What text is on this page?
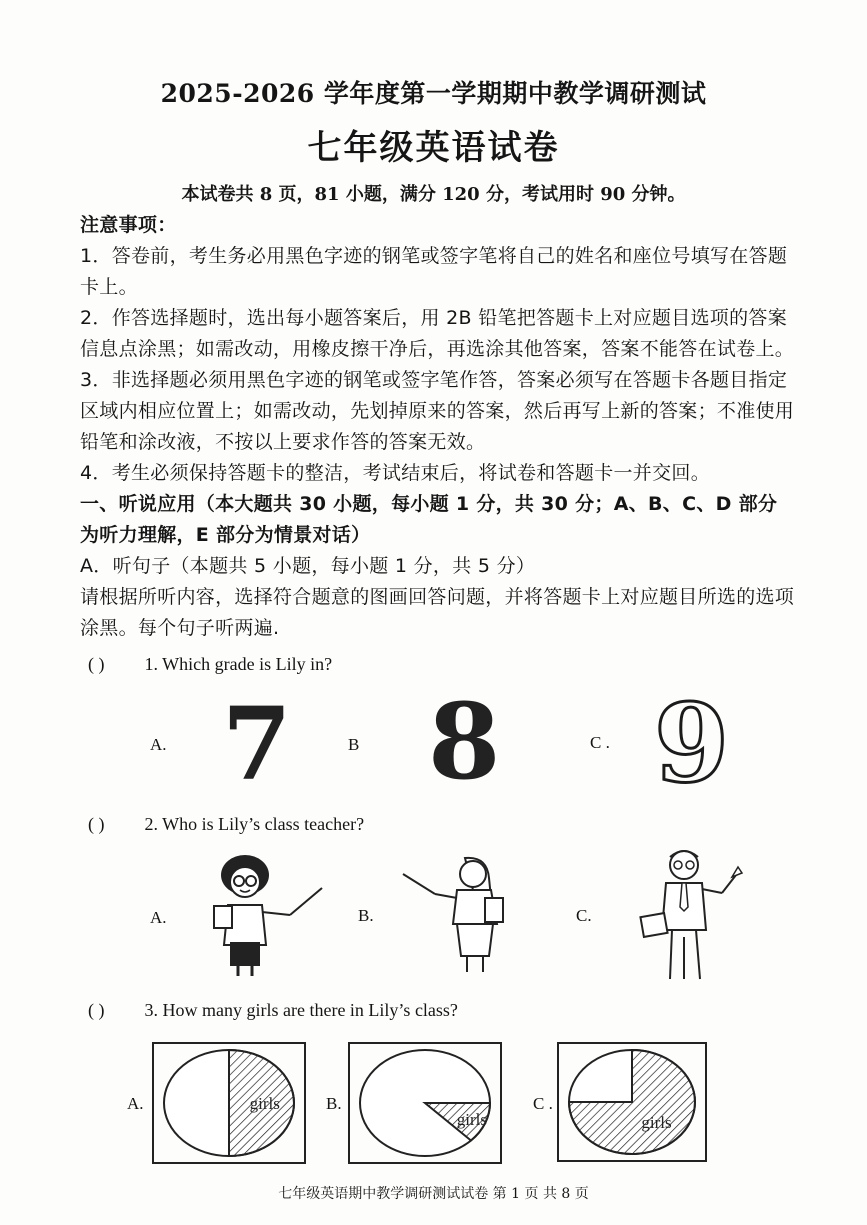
2025-2026 学年度第一学期期中教学调研测试
七年级英语试卷
本试卷共 8 页，81 小题，满分 120 分，考试用时 90 分钟。
注意事项：
1．答卷前，考生务必用黑色字迹的钢笔或签字笔将自己的姓名和座位号填写在答题卡上。
2．作答选择题时，选出每小题答案后，用 2B 铅笔把答题卡上对应题目选项的答案信息点涂黑；如需改动，用橡皮擦干净后，再选涂其他答案，答案不能答在试卷上。
3．非选择题必须用黑色字迹的钢笔或签字笔作答，答案必须写在答题卡各题目指定区域内相应位置上；如需改动，先划掉原来的答案，然后再写上新的答案；不准使用铅笔和涂改液，不按以上要求作答的答案无效。
4．考生必须保持答题卡的整洁，考试结束后，将试卷和答题卡一并交回。
一、听说应用（本大题共 30 小题，每小题 1 分，共 30 分；A、B、C、D 部分为听力理解，E 部分为情景对话）
A．听句子（本题共 5 小题，每小题 1 分，共 5 分）
请根据所听内容，选择符合题意的图画回答问题，并将答题卡上对应题目所选的选项涂黑。每个句子听两遍.
( ) 1. Which grade is Lily in?
A. 7	B 8	C . 9
( ) 2. Who is Lily’s class teacher?
A.	B.	C.
( ) 3. How many girls are there in Lily’s class?
A.	B.	C .
girls
girls	girls
七年级英语期中教学调研测试试卷 第 1 页 共 8 页
